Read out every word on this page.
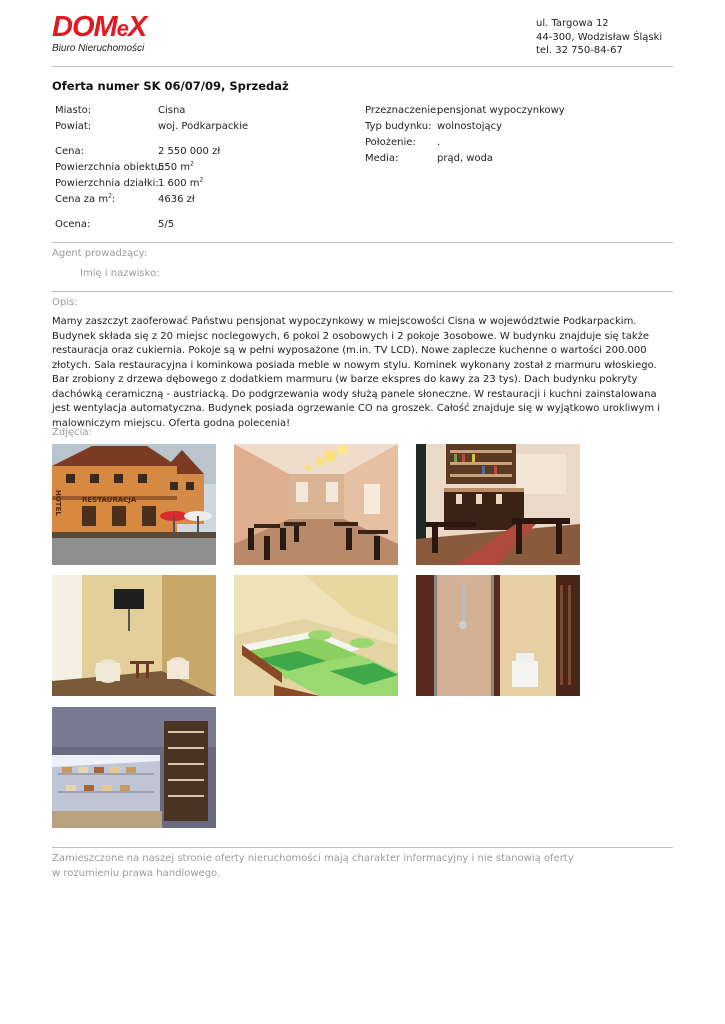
DOMeX
Biuro Nieruchomości
ul. Targowa 12
44-300, Wodzisław Śląski
tel. 32 750-84-67
Oferta numer SK 06/07/09, Sprzedaż
Miasto:	Cisna
Powiat:	woj. Podkarpackie
Cena:	2 550 000 zł
Powierzchnia obiektu:
550 $m^2$
Powierzchnia działki: 1 600 $m^2$
Cena za $m^2$:	4636 zł
Ocena:	5/5
Przeznaczenie:
pensjonat wypoczynkowy
Typ budynku: wolnostojący
Położenie: .
Media:	prąd, woda
Agent prowadzący:
Imię i nazwisko:
Opis:
Mamy zaszczyt zaoferować Państwu pensjonat wypoczynkowy w miejscowości Cisna w województwie Podkarpackim. Budynek składa się z 20 miejsc noclegowych, 6 pokoi 2 osobowych i 2 pokoje 3osobowe. W budynku znajduje się także restauracja oraz cukiernia. Pokoje są w pełni wyposażone (m.in. TV LCD). Nowe zaplecze kuchenne o wartości 200.000 złotych. Sala restauracyjna i kominkowa posiada meble w nowym stylu. Kominek wykonany został z marmuru włoskiego. Bar zrobiony z drzewa dębowego z dodatkiem marmuru (w barze ekspres do kawy za 23 tys). Dach budynku pokryty dachówką ceramiczną - austriacką. Do podgrzewania wody służą panele słoneczne. W restauracji i kuchni zainstalowana jest wentylacja automatyczna. Budynek posiada ogrzewanie CO na groszek. Całość znajduje się w wyjątkowo urokliwym i malowniczym miejscu. Oferta godna polecenia!
Zdjęcia:
HOTEL	RESTAURACJA
Zamieszczone na naszej stronie oferty nieruchomości mają charakter informacyjny i nie stanowią oferty
w rozumieniu prawa handlowego.
